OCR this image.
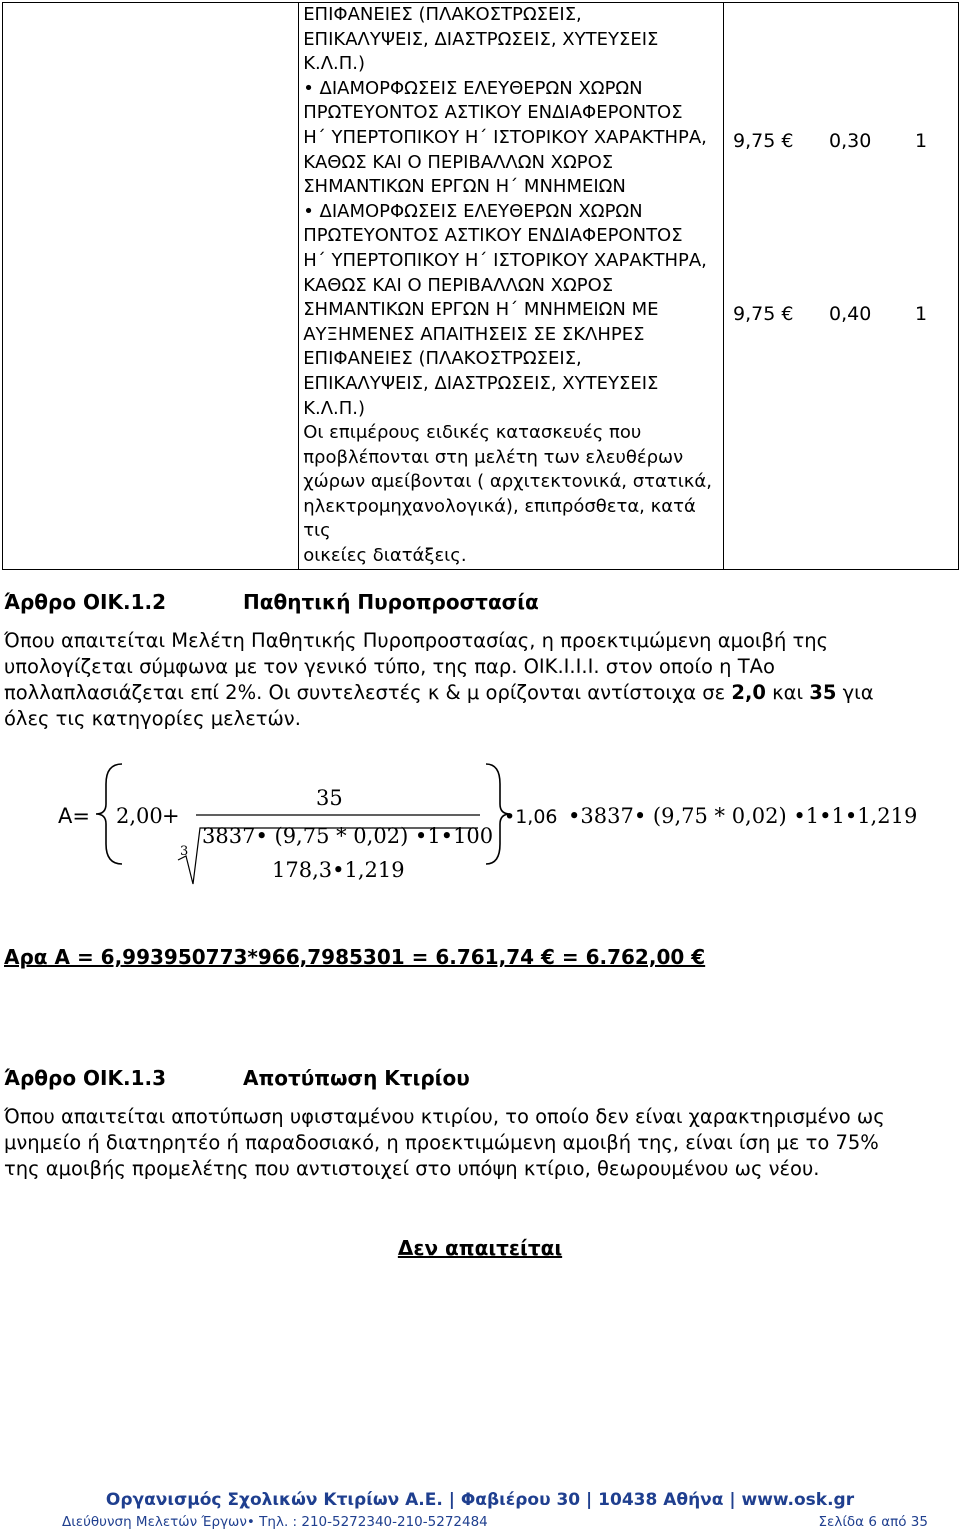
ΕΠΙΦΑΝΕΙΕΣ (ΠΛΑΚΟΣΤΡΩΣΕΙΣ,

ΕΠΙΚΑΛΥΨΕΙΣ, ΔΙΑΣΤΡΩΣΕΙΣ, ΧΥΤΕΥΣΕΙΣ

Κ.Λ.Π.)

• ΔΙΑΜΟΡΦΩΣΕΙΣ ΕΛΕΥΘΕΡΩΝ ΧΩΡΩΝ

ΠΡΩΤΕΥΟΝΤΟΣ ΑΣΤΙΚΟΥ ΕΝΔΙΑΦΕΡΟΝΤΟΣ

Η΄ ΥΠΕΡΤΟΠΙΚΟΥ Η΄ ΙΣΤΟΡΙΚΟΥ ΧΑΡΑΚΤΗΡΑ,

ΚΑΘΩΣ ΚΑΙ Ο ΠΕΡΙΒΑΛΛΩΝ ΧΩΡΟΣ

ΣΗΜΑΝΤΙΚΩΝ ΕΡΓΩΝ Η΄ ΜΝΗΜΕΙΩΝ

• ΔΙΑΜΟΡΦΩΣΕΙΣ ΕΛΕΥΘΕΡΩΝ ΧΩΡΩΝ

ΠΡΩΤΕΥΟΝΤΟΣ ΑΣΤΙΚΟΥ ΕΝΔΙΑΦΕΡΟΝΤΟΣ

Η΄ ΥΠΕΡΤΟΠΙΚΟΥ Η΄ ΙΣΤΟΡΙΚΟΥ ΧΑΡΑΚΤΗΡΑ,

ΚΑΘΩΣ ΚΑΙ Ο ΠΕΡΙΒΑΛΛΩΝ ΧΩΡΟΣ

ΣΗΜΑΝΤΙΚΩΝ ΕΡΓΩΝ Η΄ ΜΝΗΜΕΙΩΝ ΜΕ

ΑΥΞΗΜΕΝΕΣ ΑΠΑΙΤΗΣΕΙΣ ΣΕ ΣΚΛΗΡΕΣ

ΕΠΙΦΑΝΕΙΕΣ (ΠΛΑΚΟΣΤΡΩΣΕΙΣ,

ΕΠΙΚΑΛΥΨΕΙΣ, ΔΙΑΣΤΡΩΣΕΙΣ, ΧΥΤΕΥΣΕΙΣ

Κ.Λ.Π.)

Οι επιμέρους ειδικές κατασκευές που

προβλέπονται στη μελέτη των ελευθέρων

χώρων αμείβονται ( αρχιτεκτονικά, στατικά,

ηλεκτρομηχανολογικά), επιπρόσθετα, κατά τις

οικείες διατάξεις.

9,75 € 0,30 1
9,75 € 0,40 1
Άρθρο ΟΙΚ.1.2	Παθητική Πυροπροστασία
Όπου απαιτείται Μελέτη Παθητικής Πυροπροστασίας, η προεκτιμώμενη αμοιβή της
υπολογίζεται σύμφωνα με τον γενικό τύπο, της παρ. ΟΙΚ.Ι.Ι.Ι. στον οποίο η ΤΑο
πολλαπλασιάζεται επί 2%. Οι συντελεστές κ & μ ορίζονται αντίστοιχα σε 2,0 και 35 για
όλες τις κατηγορίες μελετών.
A= 2,00 +
35
3837• (9,75 * 0,02) •1•100
3
178,3•1,219
•1,06 •3837• (9,75 * 0,02) •1•1•1,219
Αρα Α = 6,993950773*966,7985301 = 6.761,74 € = 6.762,00 €
Άρθρο ΟΙΚ.1.3	Αποτύπωση Κτιρίου
Όπου απαιτείται αποτύπωση υφισταμένου κτιρίου, το οποίο δεν είναι χαρακτηρισμένο ως
μνημείο ή διατηρητέο ή παραδοσιακό, η προεκτιμώμενη αμοιβή της, είναι ίση με το 75%
της αμοιβής προμελέτης που αντιστοιχεί στο υπόψη κτίριο, θεωρουμένου ως νέου.
Δεν απαιτείται
Οργανισμός Σχολικών Κτιρίων Α.Ε. | Φαβιέρου 30 | 10438 Αθήνα | www.osk.gr
Διεύθυνση Μελετών Έργων• Τηλ. : 210-5272340-210-5272484	Σελίδα 6 από 35
